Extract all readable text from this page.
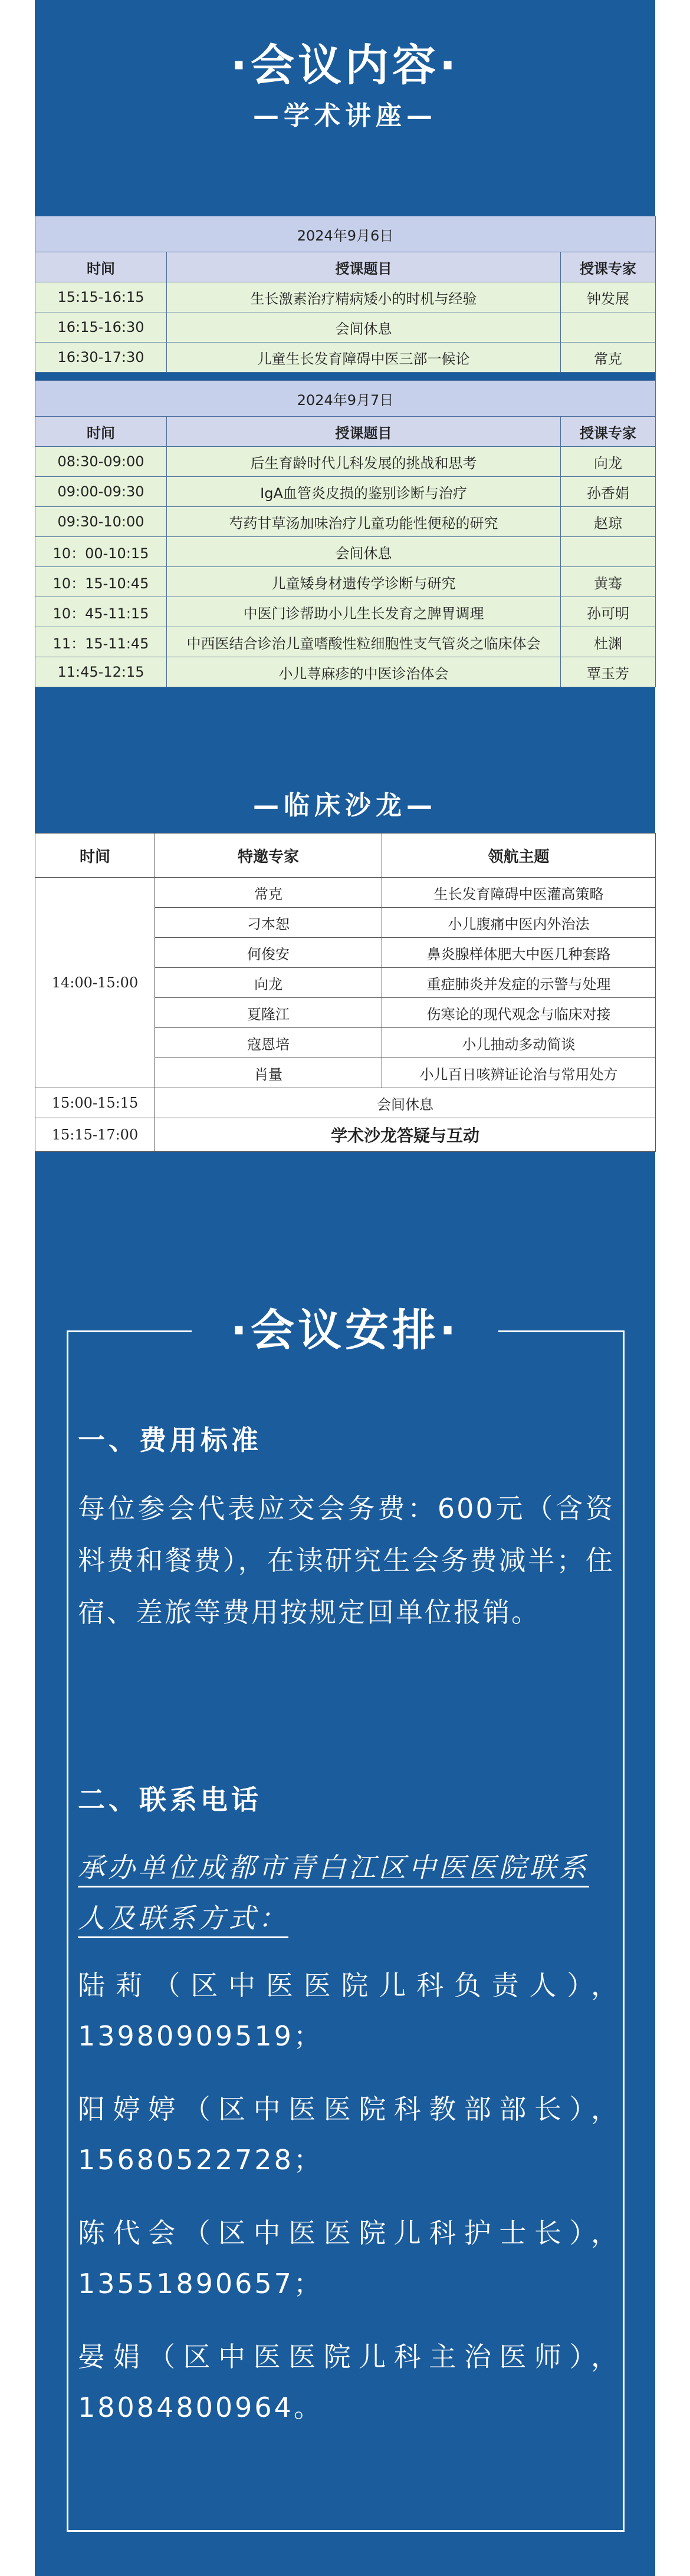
·会议内容·
—学术讲座—
2024年9月6日		
时间	授课题目	授课专家
15:15-16:15	生长激素治疗精病矮小的时机与经验	钟发展
16:15-16:30	会间休息	
16:30-17:30	儿童生长发育障碍中医三部一候论	常克

2024年9月7日		
时间	授课题目	授课专家
08:30-09:00	后生育龄时代儿科发展的挑战和思考	向龙
09:00-09:30	IgA血管炎皮损的鉴别诊断与治疗	孙香娟
09:30-10:00	芍药甘草汤加味治疗儿童功能性便秘的研究	赵琼
10：00-10:15	会间休息	
10：15-10:45	儿童矮身材遗传学诊断与研究	黄骞
10：45-11:15	中医门诊帮助小儿生长发育之脾胃调理	孙可明
11：15-11:45	中西医结合诊治儿童嗜酸性粒细胞性支气管炎之临床体会	杜渊
11:45-12:15	小儿荨麻疹的中医诊治体会	覃玉芳
—临床沙龙—
时间	特邀专家	领航主题
14:00-15:00	常克	生长发育障碍中医灌高策略
	刁本恕	小儿腹痛中医内外治法
	何俊安	鼻炎腺样体肥大中医几种套路
	向龙	重症肺炎并发症的示警与处理
	夏隆江	伤寒论的现代观念与临床对接
	寇恩培	小儿抽动多动简谈
	肖量	小儿百日咳辨证论治与常用处方
15:00-15:15	会间休息	
15:15-17:00	学术沙龙答疑与互动	
·会议安排·
一、费用标准
每位参会代表应交会务费：600元（含资料费和餐费），在读研究生会务费减半；住宿、差旅等费用按规定回单位报销。
二、联系电话
承办单位成都市青白江区中医医院联系人及联系方式：
陆莉（区中医医院儿科负责人），
13980909519；
阳婷婷（区中医医院科教部部长），
15680522728；
陈代会（区中医医院儿科护士长），
13551890657；
晏娟（区中医医院儿科主治医师），
18084800964。
